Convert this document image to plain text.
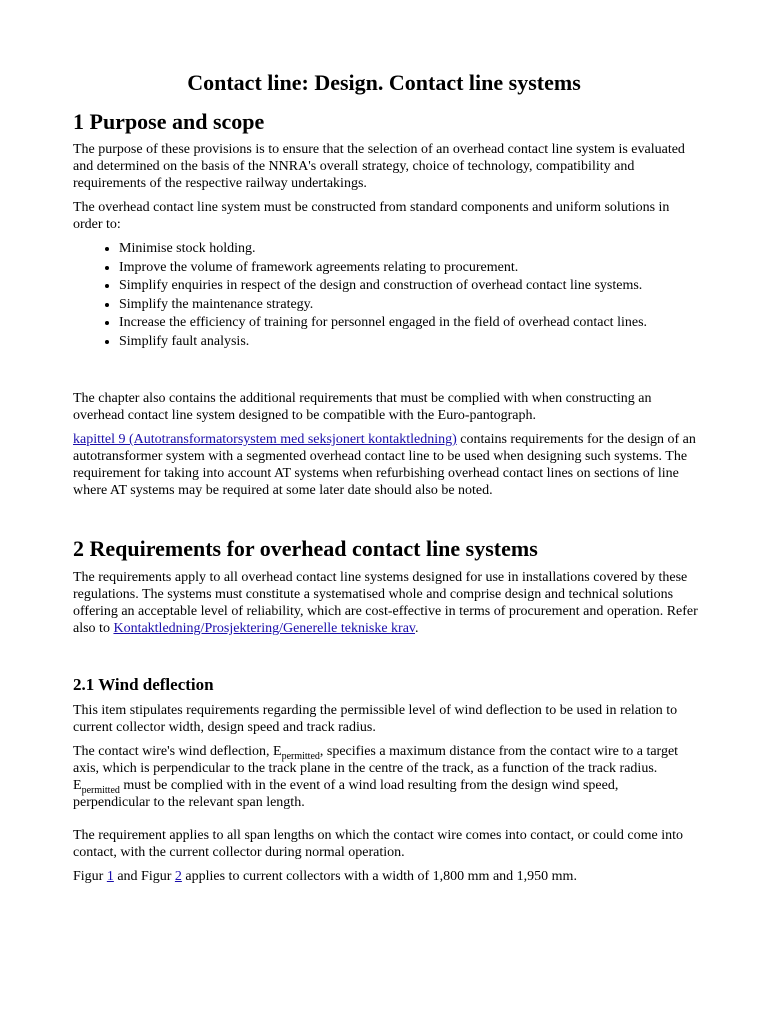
Contact line: Design. Contact line systems
1 Purpose and scope

The purpose of these provisions is to ensure that the selection of an overhead contact line system is evaluated and determined on the basis of the NNRA's overall strategy, choice of technology, compatibility and requirements of the respective railway undertakings.

The overhead contact line system must be constructed from standard components and uniform solutions in order to:

• Minimise stock holding.
• Improve the volume of framework agreements relating to procurement.
• Simplify enquiries in respect of the design and construction of overhead contact line systems.
• Simplify the maintenance strategy.
• Increase the efficiency of training for personnel engaged in the field of overhead contact lines.
• Simplify fault analysis.

The chapter also contains the additional requirements that must be complied with when constructing an overhead contact line system designed to be compatible with the Euro-pantograph.

kapittel 9 (Autotransformatorsystem med seksjonert kontaktledning) contains requirements for the design of an autotransformer system with a segmented overhead contact line to be used when designing such systems. The requirement for taking into account AT systems when refurbishing overhead contact lines on sections of line where AT systems may be required at some later date should also be noted.

2 Requirements for overhead contact line systems

The requirements apply to all overhead contact line systems designed for use in installations covered by these regulations. The systems must constitute a systematised whole and comprise design and technical solutions offering an acceptable level of reliability, which are cost-effective in terms of procurement and operation. Refer also to Kontaktledning/Prosjektering/Generelle tekniske krav.

2.1 Wind deflection

This item stipulates requirements regarding the permissible level of wind deflection to be used in relation to current collector width, design speed and track radius.

The contact wire's wind deflection, $E_{permitted}$, specifies a maximum distance from the contact wire to a target axis, which is perpendicular to the track plane in the centre of the track, as a function of the track radius. $E_{permitted}$ must be complied with in the event of a wind load resulting from the design wind speed, perpendicular to the relevant span length.

The requirement applies to all span lengths on which the contact wire comes into contact, or could come into contact, with the current collector during normal operation.

Figur 1 and Figur 2 applies to current collectors with a width of 1,800 mm and 1,950 mm.
